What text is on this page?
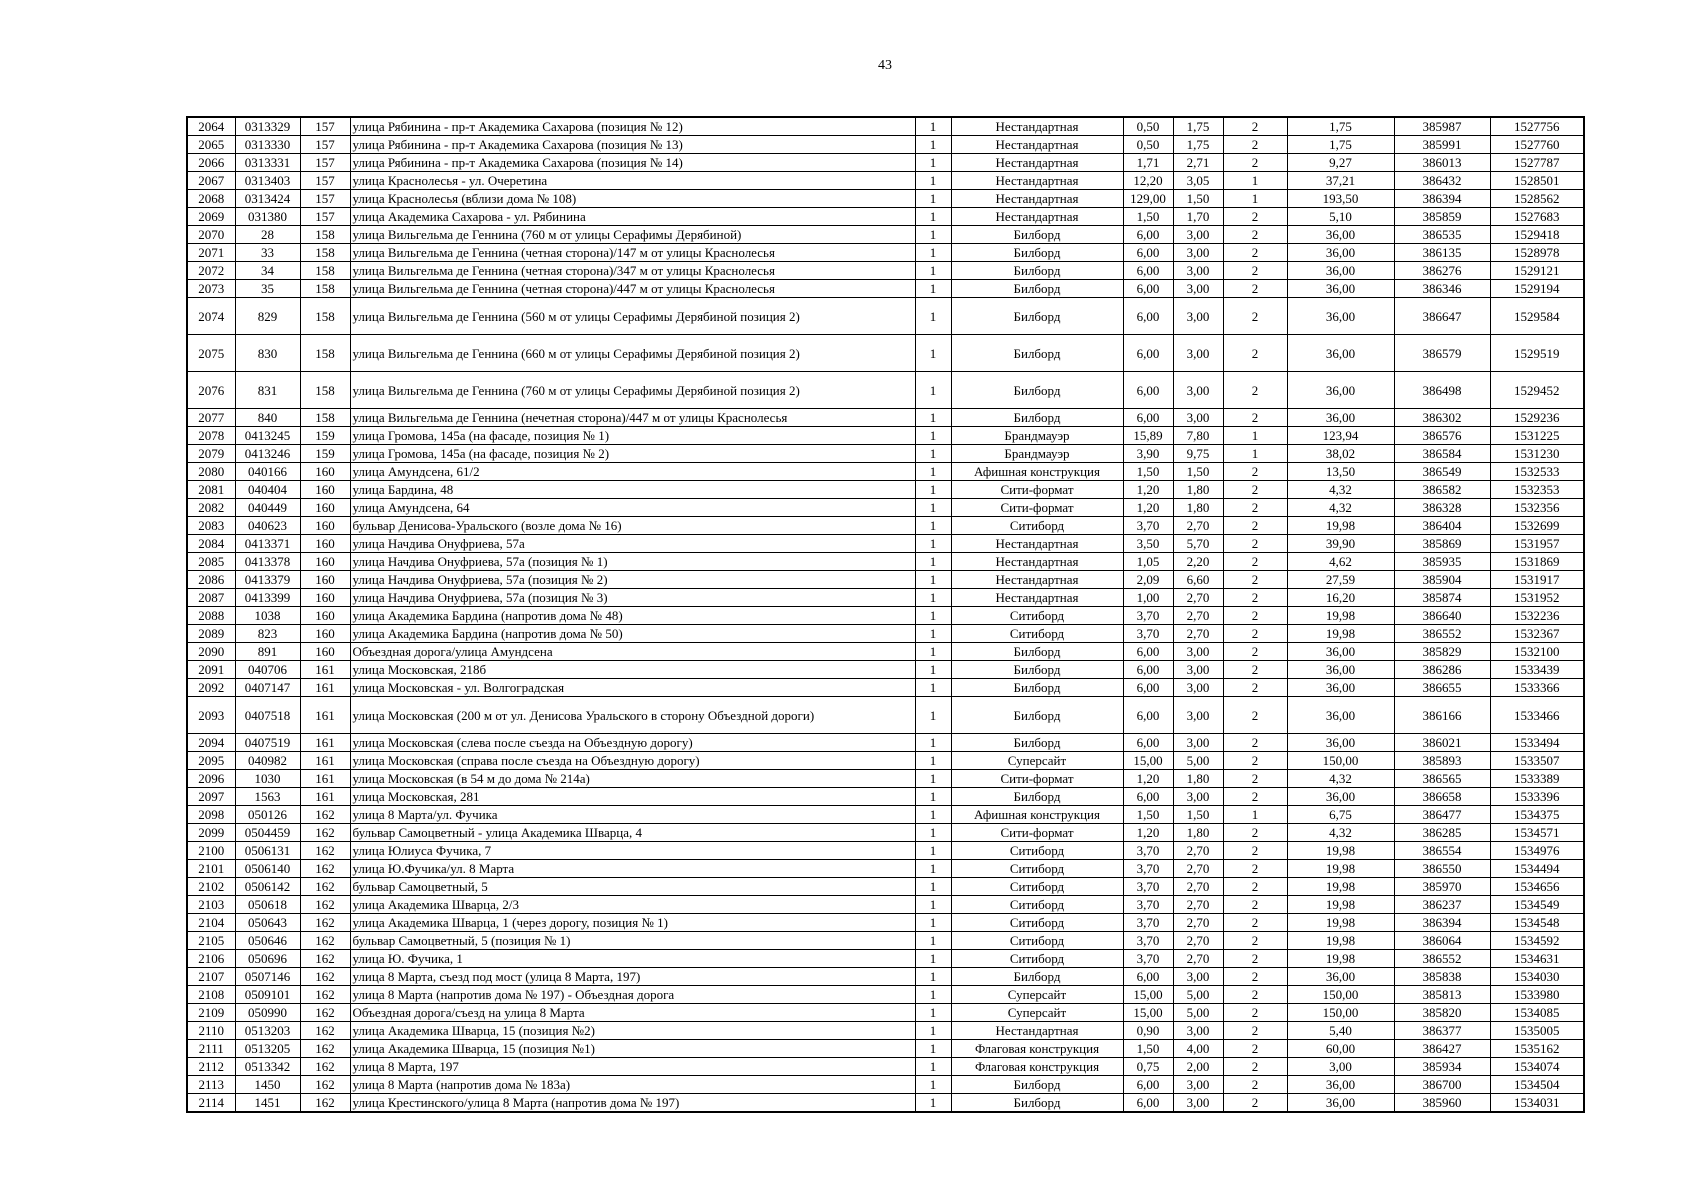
43
2064	0313329	157	улица Рябинина - пр-т Академика Сахарова (позиция № 12)	1	Нестандартная	0,50	1,75	2	1,75	385987	1527756
2065	0313330	157	улица Рябинина - пр-т Академика Сахарова (позиция № 13)	1	Нестандартная	0,50	1,75	2	1,75	385991	1527760
2066	0313331	157	улица Рябинина - пр-т Академика Сахарова (позиция № 14)	1	Нестандартная	1,71	2,71	2	9,27	386013	1527787
2067	0313403	157	улица Краснолесья - ул. Очеретина	1	Нестандартная	12,20	3,05	1	37,21	386432	1528501
2068	0313424	157	улица Краснолесья (вблизи дома № 108)	1	Нестандартная	129,00	1,50	1	193,50	386394	1528562
2069	031380	157	улица Академика Сахарова - ул. Рябинина	1	Нестандартная	1,50	1,70	2	5,10	385859	1527683
2070	28	158	улица Вильгельма де Геннина (760 м от улицы Серафимы Дерябиной)	1	Билборд	6,00	3,00	2	36,00	386535	1529418
2071	33	158	улица Вильгельма де Геннина (четная сторона)/147 м от улицы Краснолесья	1	Билборд	6,00	3,00	2	36,00	386135	1528978
2072	34	158	улица Вильгельма де Геннина (четная сторона)/347 м от улицы Краснолесья	1	Билборд	6,00	3,00	2	36,00	386276	1529121
2073	35	158	улица Вильгельма де Геннина (четная сторона)/447 м от улицы Краснолесья	1	Билборд	6,00	3,00	2	36,00	386346	1529194
2074	829	158	улица Вильгельма де Геннина (560 м от улицы Серафимы Дерябиной позиция 2)	1	Билборд	6,00	3,00	2	36,00	386647	1529584
2075	830	158	улица Вильгельма де Геннина (660 м от улицы Серафимы Дерябиной позиция 2)	1	Билборд	6,00	3,00	2	36,00	386579	1529519
2076	831	158	улица Вильгельма де Геннина (760 м от улицы Серафимы Дерябиной позиция 2)	1	Билборд	6,00	3,00	2	36,00	386498	1529452
2077	840	158	улица Вильгельма де Геннина (нечетная сторона)/447 м от улицы Краснолесья	1	Билборд	6,00	3,00	2	36,00	386302	1529236
2078	0413245	159	улица Громова, 145а (на фасаде, позиция № 1)	1	Брандмауэр	15,89	7,80	1	123,94	386576	1531225
2079	0413246	159	улица Громова, 145а (на фасаде, позиция № 2)	1	Брандмауэр	3,90	9,75	1	38,02	386584	1531230
2080	040166	160	улица Амундсена, 61/2	1	Афишная конструкция	1,50	1,50	2	13,50	386549	1532533
2081	040404	160	улица Бардина, 48	1	Сити-формат	1,20	1,80	2	4,32	386582	1532353
2082	040449	160	улица Амундсена, 64	1	Сити-формат	1,20	1,80	2	4,32	386328	1532356
2083	040623	160	бульвар Денисова-Уральского (возле дома № 16)	1	Ситиборд	3,70	2,70	2	19,98	386404	1532699
2084	0413371	160	улица Начдива Онуфриева, 57а	1	Нестандартная	3,50	5,70	2	39,90	385869	1531957
2085	0413378	160	улица Начдива Онуфриева, 57а (позиция № 1)	1	Нестандартная	1,05	2,20	2	4,62	385935	1531869
2086	0413379	160	улица Начдива Онуфриева, 57а (позиция № 2)	1	Нестандартная	2,09	6,60	2	27,59	385904	1531917
2087	0413399	160	улица Начдива Онуфриева, 57а (позиция № 3)	1	Нестандартная	1,00	2,70	2	16,20	385874	1531952
2088	1038	160	улица Академика Бардина (напротив дома № 48)	1	Ситиборд	3,70	2,70	2	19,98	386640	1532236
2089	823	160	улица Академика Бардина (напротив дома № 50)	1	Ситиборд	3,70	2,70	2	19,98	386552	1532367
2090	891	160	Объездная дорога/улица Амундсена	1	Билборд	6,00	3,00	2	36,00	385829	1532100
2091	040706	161	улица Московская, 218б	1	Билборд	6,00	3,00	2	36,00	386286	1533439
2092	0407147	161	улица Московская - ул. Волгоградская	1	Билборд	6,00	3,00	2	36,00	386655	1533366
2093	0407518	161	улица Московская (200 м от ул. Денисова Уральского в сторону Объездной дороги)	1	Билборд	6,00	3,00	2	36,00	386166	1533466
2094	0407519	161	улица Московская (слева после съезда на Объездную дорогу)	1	Билборд	6,00	3,00	2	36,00	386021	1533494
2095	040982	161	улица Московская (справа после съезда на Объездную дорогу)	1	Суперсайт	15,00	5,00	2	150,00	385893	1533507
2096	1030	161	улица Московская (в 54 м до дома № 214а)	1	Сити-формат	1,20	1,80	2	4,32	386565	1533389
2097	1563	161	улица Московская, 281	1	Билборд	6,00	3,00	2	36,00	386658	1533396
2098	050126	162	улица 8 Марта/ул. Фучика	1	Афишная конструкция	1,50	1,50	1	6,75	386477	1534375
2099	0504459	162	бульвар Самоцветный - улица Академика Шварца, 4	1	Сити-формат	1,20	1,80	2	4,32	386285	1534571
2100	0506131	162	улица Юлиуса Фучика, 7	1	Ситиборд	3,70	2,70	2	19,98	386554	1534976
2101	0506140	162	улица Ю.Фучика/ул. 8 Марта	1	Ситиборд	3,70	2,70	2	19,98	386550	1534494
2102	0506142	162	бульвар Самоцветный, 5	1	Ситиборд	3,70	2,70	2	19,98	385970	1534656
2103	050618	162	улица Академика Шварца, 2/3	1	Ситиборд	3,70	2,70	2	19,98	386237	1534549
2104	050643	162	улица Академика Шварца, 1 (через дорогу, позиция № 1)	1	Ситиборд	3,70	2,70	2	19,98	386394	1534548
2105	050646	162	бульвар Самоцветный, 5 (позиция № 1)	1	Ситиборд	3,70	2,70	2	19,98	386064	1534592
2106	050696	162	улица Ю. Фучика, 1	1	Ситиборд	3,70	2,70	2	19,98	386552	1534631
2107	0507146	162	улица 8 Марта, съезд под мост (улица 8 Марта, 197)	1	Билборд	6,00	3,00	2	36,00	385838	1534030
2108	0509101	162	улица 8 Марта (напротив дома № 197) - Объездная дорога	1	Суперсайт	15,00	5,00	2	150,00	385813	1533980
2109	050990	162	Объездная дорога/съезд на улица 8 Марта	1	Суперсайт	15,00	5,00	2	150,00	385820	1534085
2110	0513203	162	улица Академика Шварца, 15 (позиция №2)	1	Нестандартная	0,90	3,00	2	5,40	386377	1535005
2111	0513205	162	улица Академика Шварца, 15 (позиция №1)	1	Флаговая конструкция	1,50	4,00	2	60,00	386427	1535162
2112	0513342	162	улица 8 Марта, 197	1	Флаговая конструкция	0,75	2,00	2	3,00	385934	1534074
2113	1450	162	улица 8 Марта (напротив дома № 183а)	1	Билборд	6,00	3,00	2	36,00	386700	1534504
2114	1451	162	улица Крестинского/улица 8 Марта (напротив дома № 197)	1	Билборд	6,00	3,00	2	36,00	385960	1534031
